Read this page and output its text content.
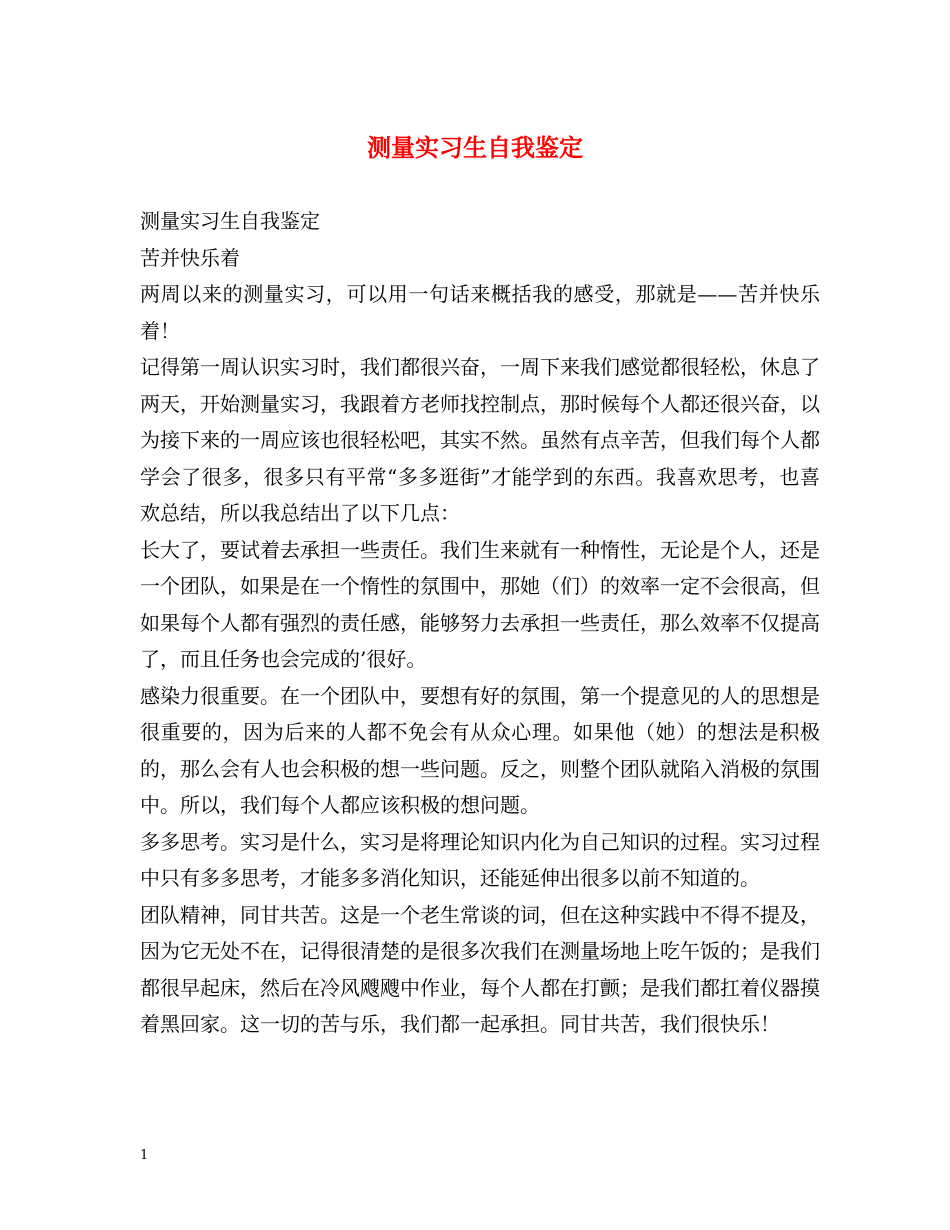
测量实习生自我鉴定

测量实习生自我鉴定

苦并快乐着

两周以来的测量实习，可以用一句话来概括我的感受，那就是——苦并快乐着！

记得第一周认识实习时，我们都很兴奋，一周下来我们感觉都很轻松，休息了两天，开始测量实习，我跟着方老师找控制点，那时候每个人都还很兴奋，以为接下来的一周应该也很轻松吧，其实不然。虽然有点辛苦，但我们每个人都学会了很多，很多只有平常“多多逛街”才能学到的东西。我喜欢思考，也喜欢总结，所以我总结出了以下几点：

长大了，要试着去承担一些责任。我们生来就有一种惰性，无论是个人，还是一个团队，如果是在一个惰性的氛围中，那她（们）的效率一定不会很高，但如果每个人都有强烈的责任感，能够努力去承担一些责任，那么效率不仅提高了，而且任务也会完成的’很好。

感染力很重要。在一个团队中，要想有好的氛围，第一个提意见的人的思想是很重要的，因为后来的人都不免会有从众心理。如果他（她）的想法是积极的，那么会有人也会积极的想一些问题。反之，则整个团队就陷入消极的氛围中。所以，我们每个人都应该积极的想问题。

多多思考。实习是什么，实习是将理论知识内化为自己知识的过程。实习过程中只有多多思考，才能多多消化知识，还能延伸出很多以前不知道的。

团队精神，同甘共苦。这是一个老生常谈的词，但在这种实践中不得不提及，因为它无处不在，记得很清楚的是很多次我们在测量场地上吃午饭的；是我们都很早起床，然后在冷风飕飕中作业，每个人都在打颤；是我们都扛着仪器摸着黑回家。这一切的苦与乐，我们都一起承担。同甘共苦，我们很快乐！

1
